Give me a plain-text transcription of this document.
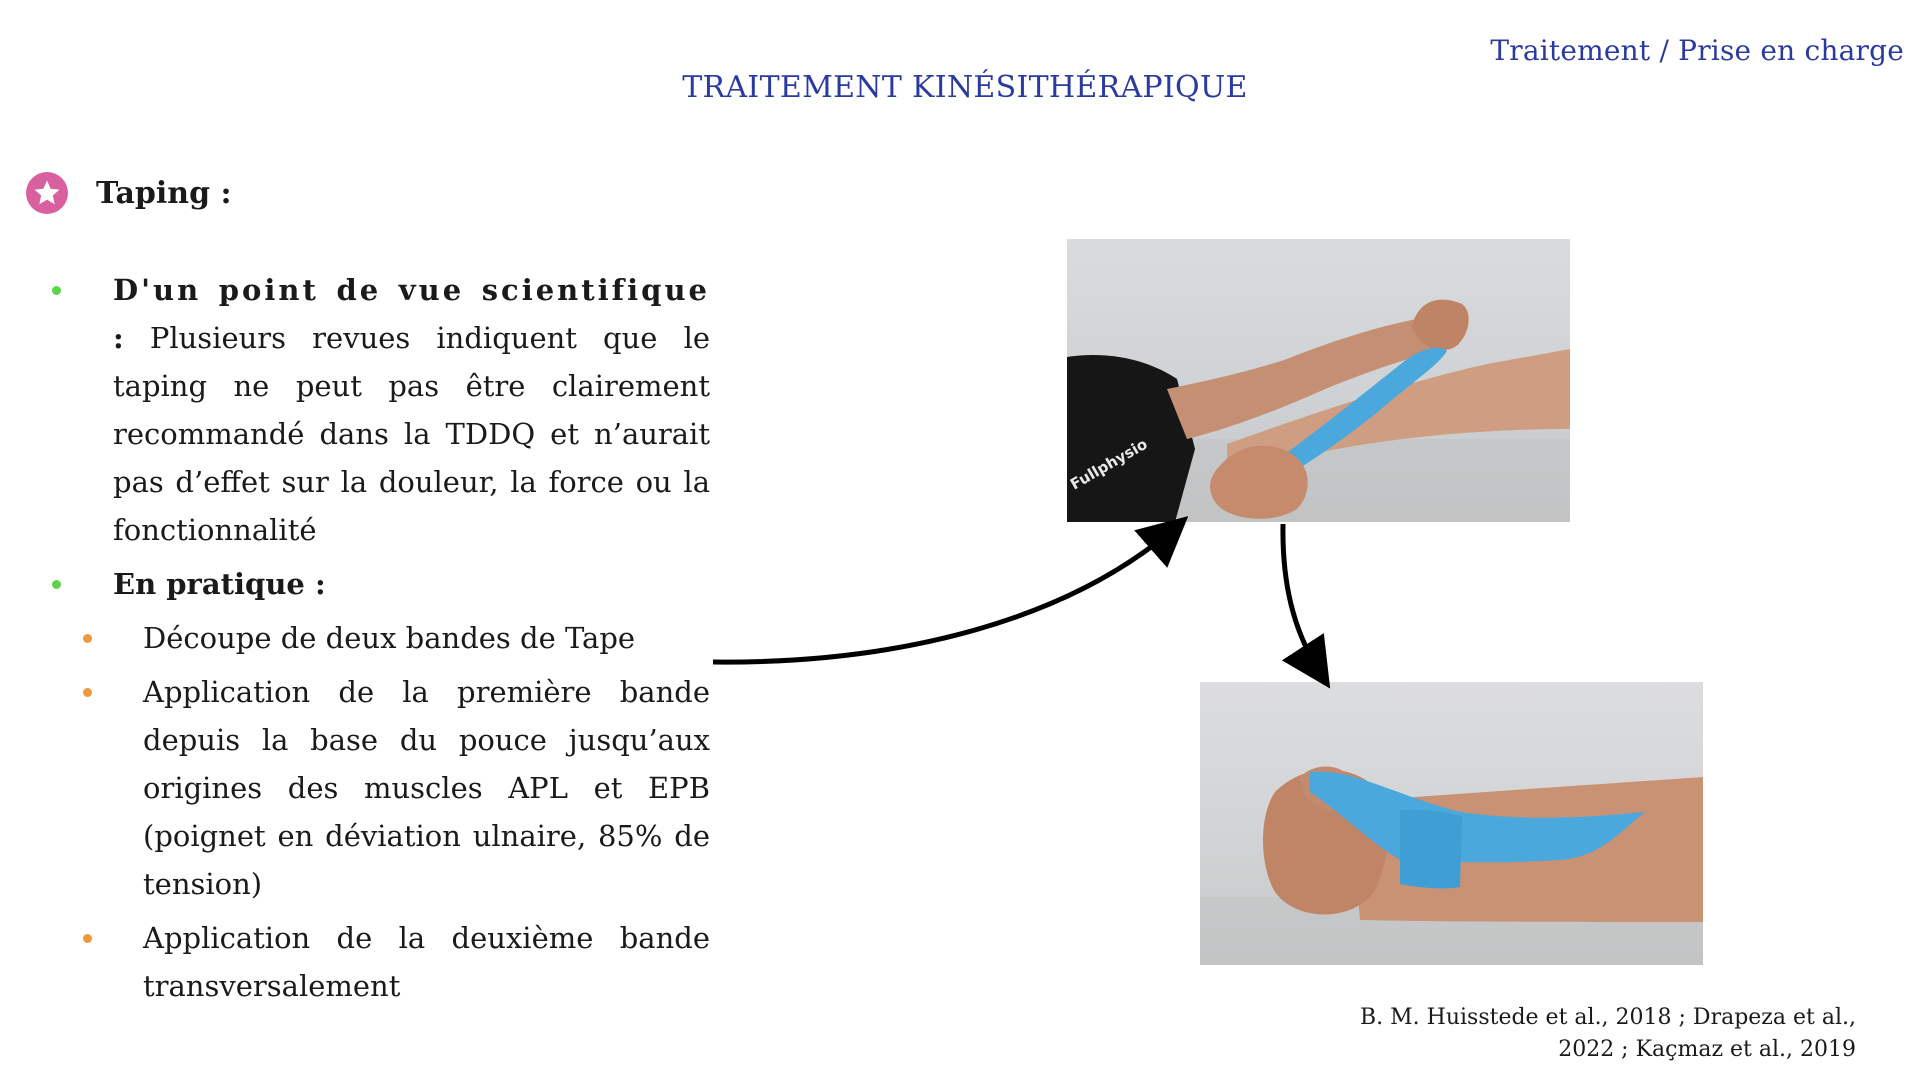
Traitement / Prise en charge
TRAITEMENT KINÉSITHÉRAPIQUE
Taping :
D'un point de vue scientifique : Plusieurs revues indiquent que le taping ne peut pas être clairement recommandé dans la TDDQ et n’aurait pas d’effet sur la douleur, la force ou la fonctionnalité
En pratique :
Découpe de deux bandes de Tape
Application de la première bande depuis la base du pouce jusqu’aux origines des muscles APL et EPB (poignet en déviation ulnaire, 85% de tension)
Application de la deuxième bande transversalement
Fullphysio
B. M. Huisstede et al., 2018 ; Drapeza et al.,
2022 ; Kaçmaz et al., 2019
